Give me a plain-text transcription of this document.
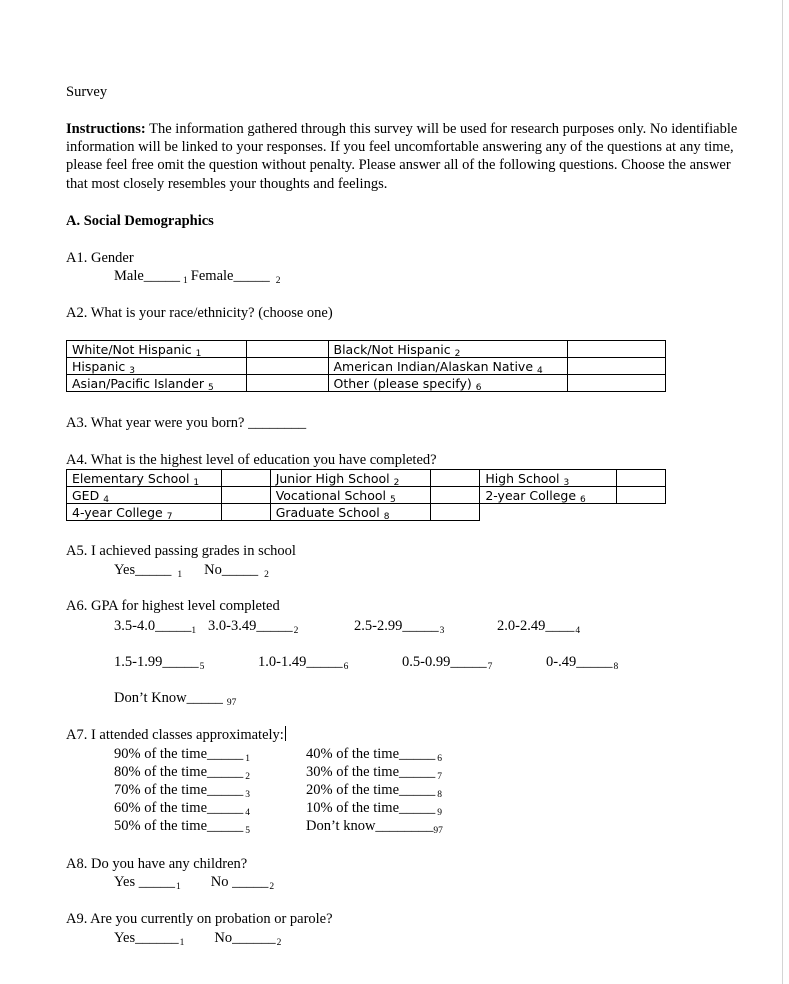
Survey
Instructions: The information gathered through this survey will be used for research purposes only. No identifiable information will be linked to your responses. If you feel uncomfortable answering any of the questions at any time, please feel free omit the question without penalty. Please answer all of the following questions. Choose the answer that most closely resembles your thoughts and feelings.
A. Social Demographics
A1. Gender
Male_____ $_1$ Female_____ $_2$
A2. What is your race/ethnicity? (choose one)
White/Not Hispanic $_1$		Black/Not Hispanic $_2$	
Hispanic $_3$		American Indian/Alaskan Native $_4$	
Asian/Pacific Islander $_5$		Other (please specify) $_6$	
A3. What year were you born? ________
A4. What is the highest level of education you have completed?
Elementary School $_1$		Junior High School $_2$		High School $_3$	
GED $_4$		Vocational School $_5$		2-year College $_6$	
4-year College $_7$		Graduate School $_8$			
A5. I achieved passing grades in school
Yes_____ $_1$ No_____ $_2$
A6. GPA for highest level completed
$3.5-4.0\_\_\_\_\__1$ $3.0-3.49\_\_\_\_\__2$	$2.5-2.99\_\_\_\_\__3$	$2.0-2.49\_\_\_\__4$
$1.5-1.99\_\_\_\_\__5$	$1.0-1.49\_\_\_\_\__6$	$0.5-0.99\_\_\_\_\__7$	$0-.49\_\_\_\_\__8$
Don’t Know_____ $_{97}$
A7. I attended classes approximately:
90% of the time_____ $_1$
80% of the time_____ $_2$
70% of the time_____ $_3$
60% of the time_____ $_4$
50% of the time_____ $_5$
40% of the time_____ $_6$
30% of the time_____ $_7$
20% of the time_____ $_8$
10% of the time_____ $_9$
Don’t $know\_\_\_\_\_\_\_\__{97}$
A8. Do you have any children?
Yes $\_\_\_\_\__1$ No $\_\_\_\_\__2$
A9. Are you currently on probation or parole?
$Yes\_\_\_\_\_\__1$ $No\_\_\_\_\_\__2$
